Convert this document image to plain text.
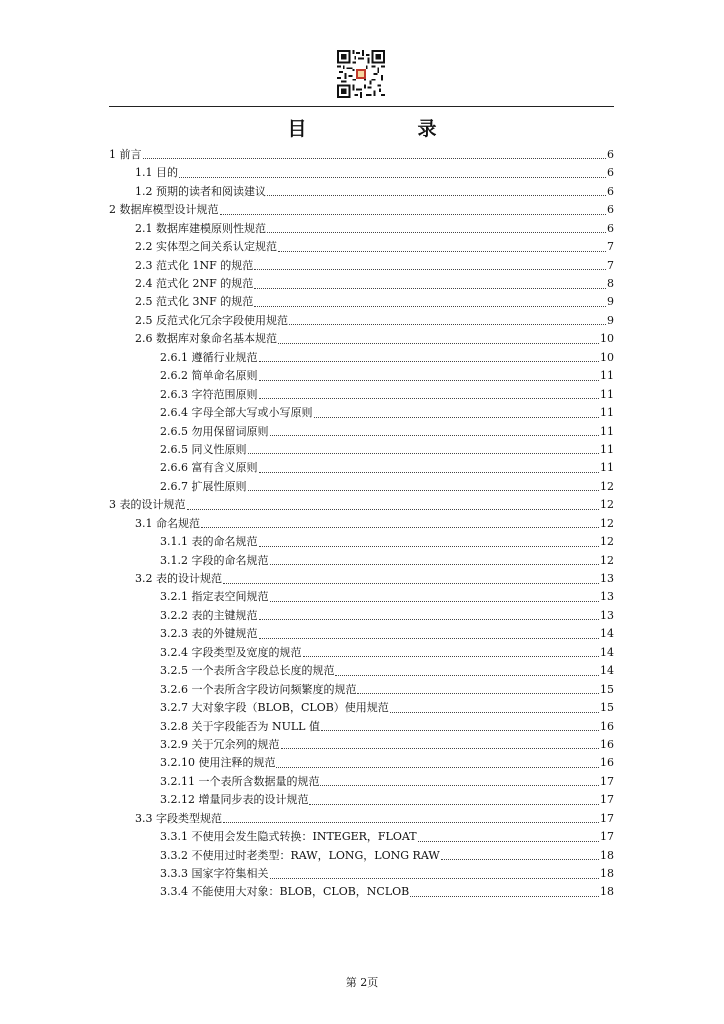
目　录
1 前言	6
1.1 目的	6
1.2 预期的读者和阅读建议	6
2 数据库模型设计规范	6
2.1 数据库建模原则性规范	6
2.2 实体型之间关系认定规范	7
2.3 范式化 1NF 的规范	7
2.4 范式化 2NF 的规范	8
2.5 范式化 3NF 的规范	9
2.5 反范式化冗余字段使用规范	9
2.6 数据库对象命名基本规范	10
2.6.1 遵循行业规范	10
2.6.2 简单命名原则	11
2.6.3 字符范围原则	11
2.6.4 字母全部大写或小写原则	11
2.6.5 勿用保留词原则	11
2.6.5 同义性原则	11
2.6.6 富有含义原则	11
2.6.7 扩展性原则	12
3 表的设计规范	12
3.1 命名规范	12
3.1.1 表的命名规范	12
3.1.2 字段的命名规范	12
3.2 表的设计规范	13
3.2.1 指定表空间规范	13
3.2.2 表的主键规范	13
3.2.3 表的外键规范	14
3.2.4 字段类型及宽度的规范	14
3.2.5 一个表所含字段总长度的规范	14
3.2.6 一个表所含字段访问频繁度的规范	15
3.2.7 大对象字段（BLOB，CLOB）使用规范	15
3.2.8 关于字段能否为 NULL 值	16
3.2.9 关于冗余列的规范	16
3.2.10 使用注释的规范	16
3.2.11 一个表所含数据量的规范	17
3.2.12 增量同步表的设计规范	17
3.3 字段类型规范	17
3.3.1 不使用会发生隐式转换：INTEGER，FLOAT	17
3.3.2 不使用过时老类型：RAW，LONG，LONG RAW	18
3.3.3 国家字符集相关	18
3.3.4 不能使用大对象：BLOB，CLOB，NCLOB	18
第 2页
